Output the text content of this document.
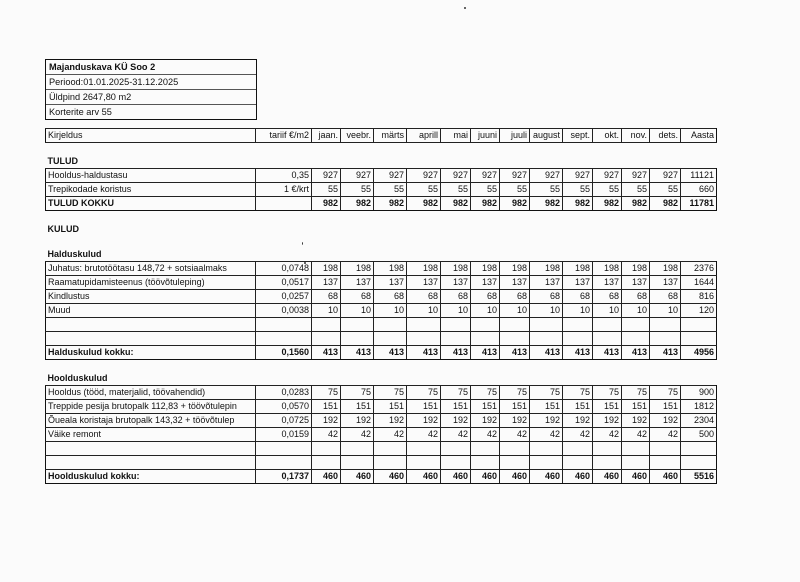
Majanduskava KÜ Soo 2
Periood:01.01.2025-31.12.2025
Üldpind 2647,80 m2
Korterite arv 55
Kirjeldus	tariif €/m2	jaan.	veebr.	märts	aprill	mai	juuni	juuli	august	sept.	okt.	nov.	dets.	Aasta

TULUD														
Hooldus-haldustasu	0,35	927	927	927	927	927	927	927	927	927	927	927	927	11121
Trepikodade koristus	1 €/krt	55	55	55	55	55	55	55	55	55	55	55	55	660
TULUD KOKKU		982	982	982	982	982	982	982	982	982	982	982	982	11781

KULUD														

Halduskulud														
Juhatus: brutotöötasu 148,72 + sotsiaalmaks	0,0748	198	198	198	198	198	198	198	198	198	198	198	198	2376
Raamatupidamisteenus (töövõtuleping)	0,0517	137	137	137	137	137	137	137	137	137	137	137	137	1644
Kindlustus	0,0257	68	68	68	68	68	68	68	68	68	68	68	68	816
Muud	0,0038	10	10	10	10	10	10	10	10	10	10	10	10	120

Halduskulud kokku:	0,1560	413	413	413	413	413	413	413	413	413	413	413	413	4956

Hoolduskulud														
Hooldus (tööd, materjalid, töövahendid)	0,0283	75	75	75	75	75	75	75	75	75	75	75	75	900
Treppide pesija brutopalk 112,83 + töövõtulepin	0,0570	151	151	151	151	151	151	151	151	151	151	151	151	1812
Õueala koristaja brutopalk 143,32 + töövõtulep	0,0725	192	192	192	192	192	192	192	192	192	192	192	192	2304
Väike remont	0,0159	42	42	42	42	42	42	42	42	42	42	42	42	500

Hoolduskulud kokku:	0,1737	460	460	460	460	460	460	460	460	460	460	460	460	5516
